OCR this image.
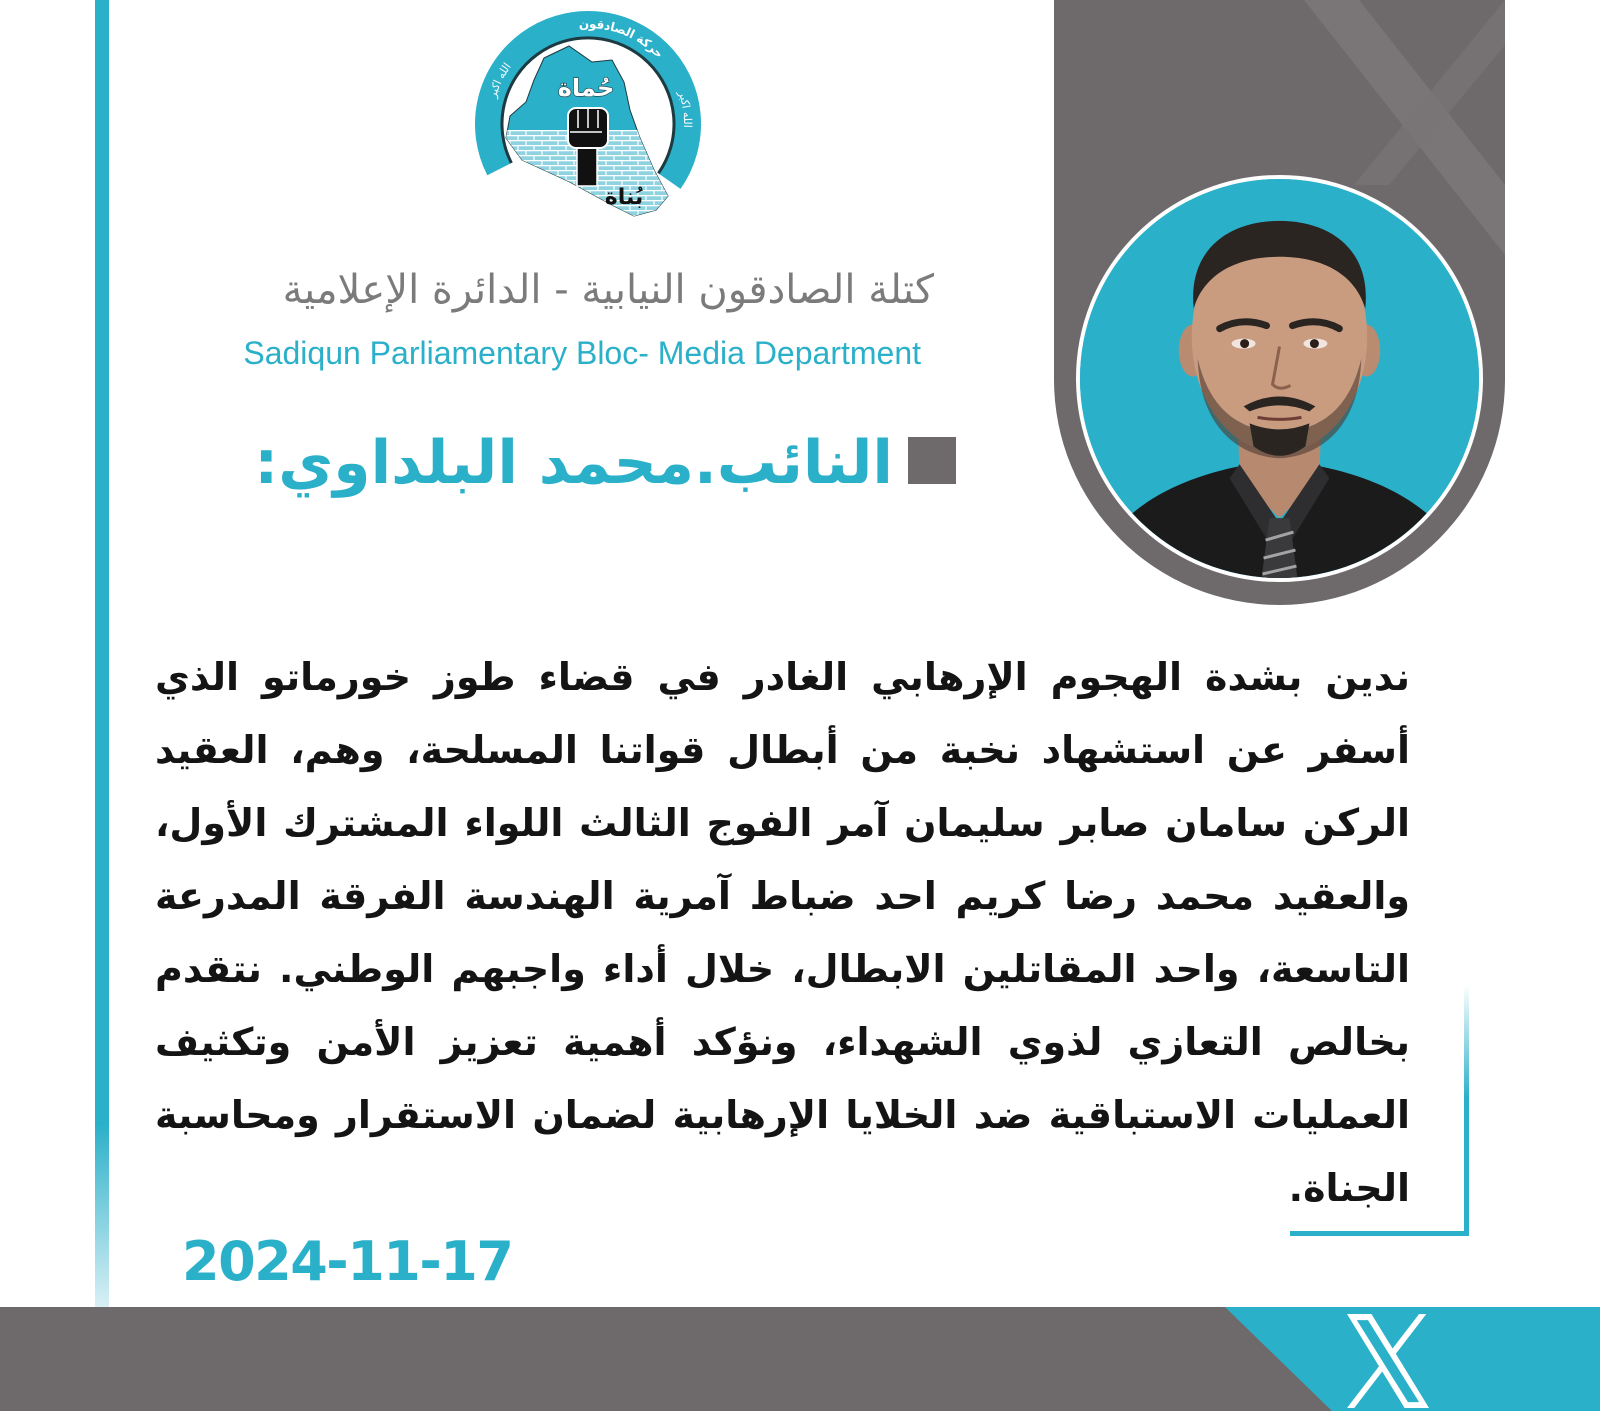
حركة الصادقون
الله اكبر
الله اكبر
حُماة
بُناة
كتلة الصادقون النيابية - الدائرة الإعلامية
Sadiqun Parliamentary Bloc- Media Department
النائب.محمد البلداوي:
ندين بشدة الهجوم الإرهابي الغادر في قضاء طوز خورماتو الذي
أسفر عن استشهاد نخبة من أبطال قواتنا المسلحة، وهم، العقيد
الركن سامان صابر سليمان آمر الفوج الثالث اللواء المشترك الأول،
والعقيد محمد رضا كريم احد ضباط آمرية الهندسة الفرقة المدرعة
التاسعة، واحد المقاتلين الابطال، خلال أداء واجبهم الوطني. نتقدم
بخالص التعازي لذوي الشهداء، ونؤكد أهمية تعزيز الأمن وتكثيف
العمليات الاستباقية ضد الخلايا الإرهابية لضمان الاستقرار ومحاسبة
الجناة.
2024-11-17
